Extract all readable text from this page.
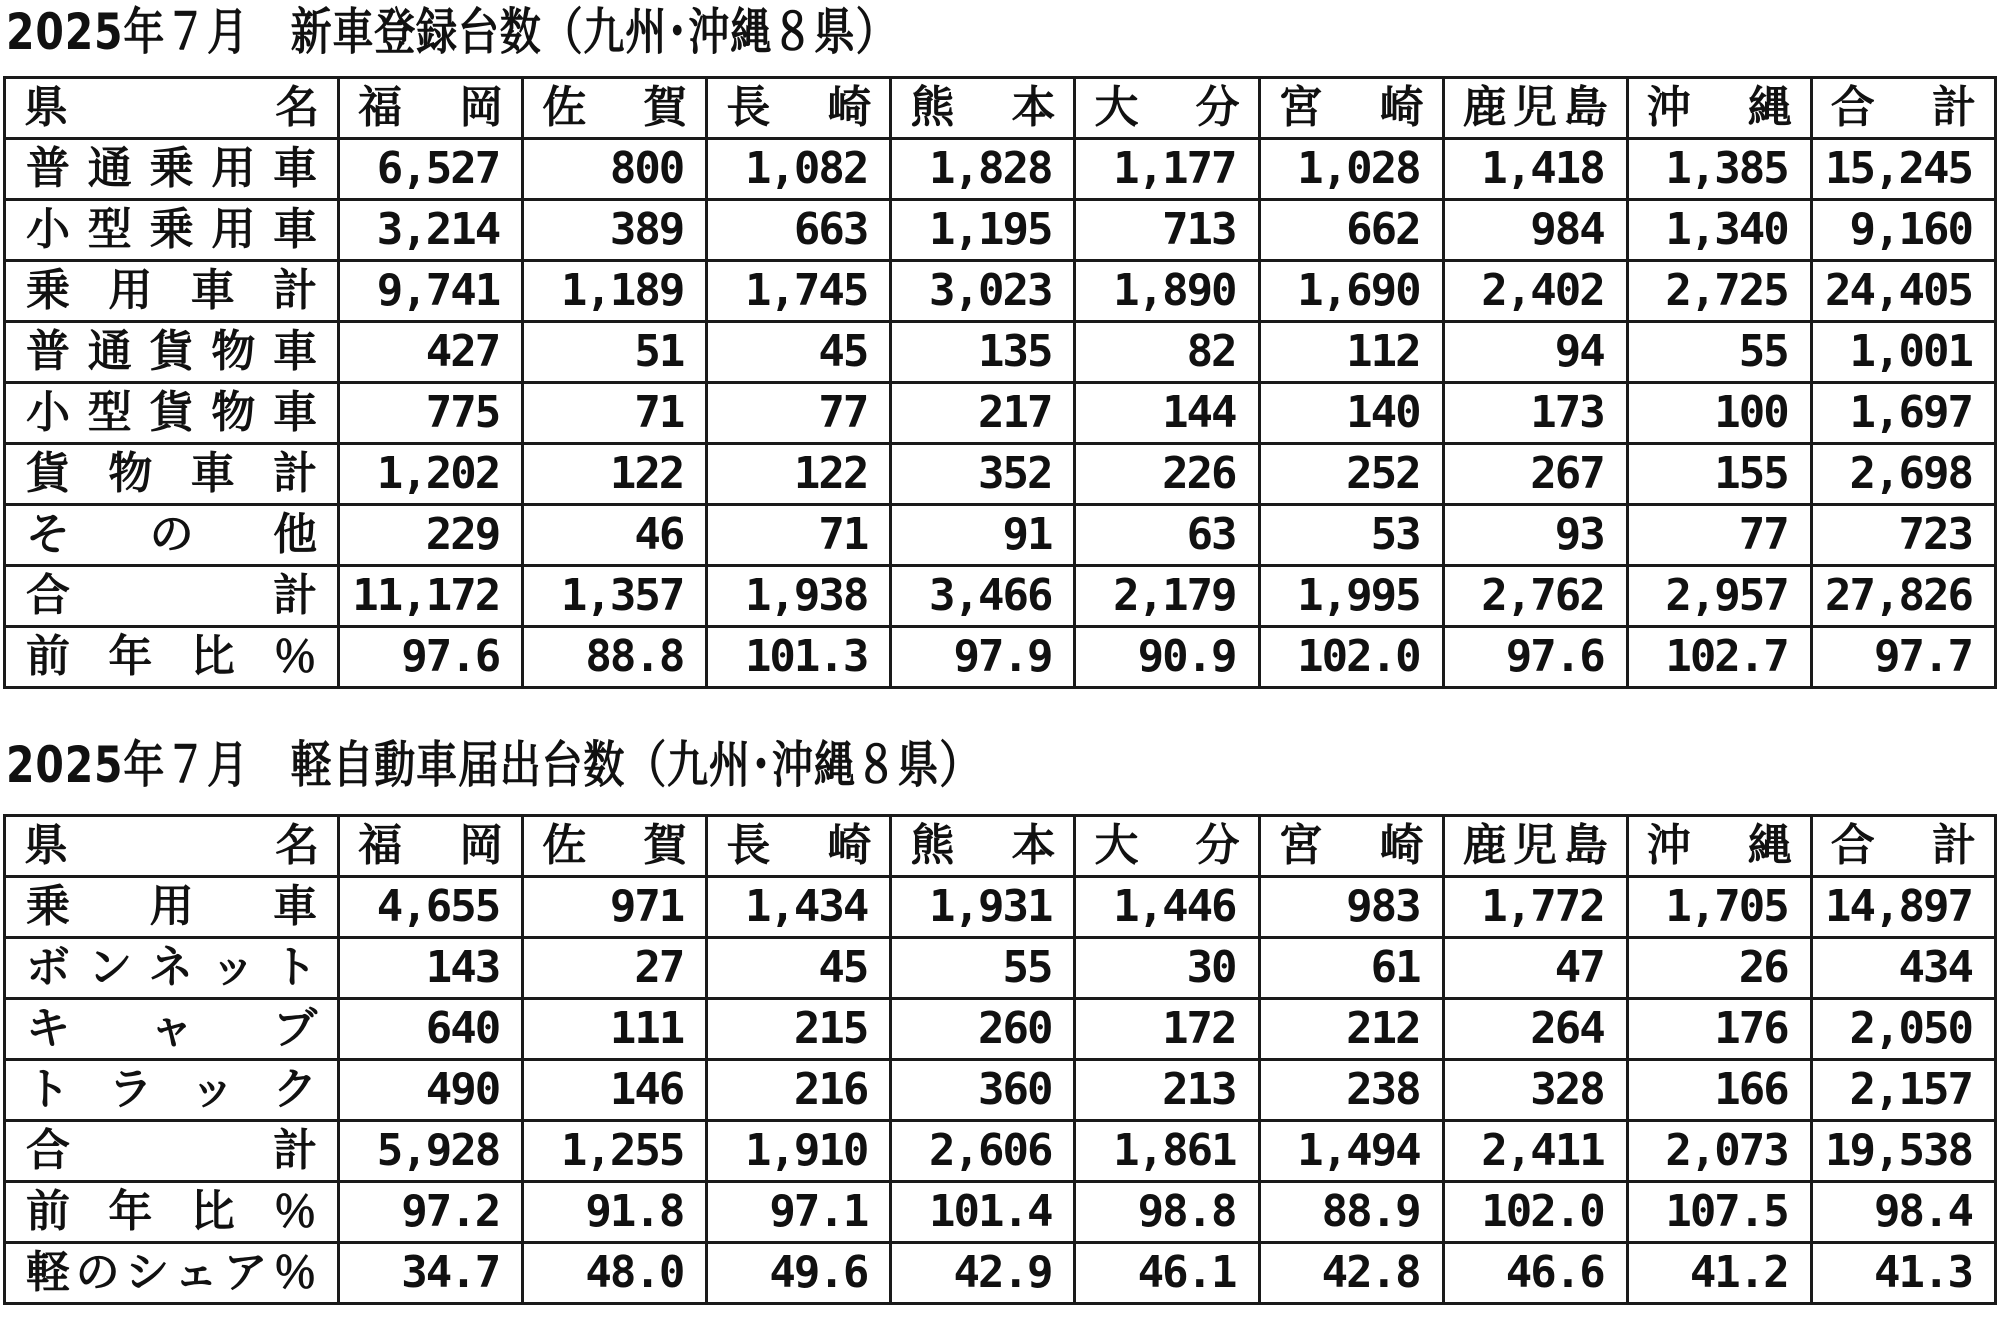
2025年７月　新車登録台数（九州･沖縄８県）
県　名	福　岡	佐　賀	長　崎	熊　本	大　分	宮　崎	鹿児島	沖　縄	合　計
普通乗用車	6,527	800	1,082	1,828	1,177	1,028	1,418	1,385	15,245
小型乗用車	3,214	389	663	1,195	713	662	984	1,340	9,160
乗用車計	9,741	1,189	1,745	3,023	1,890	1,690	2,402	2,725	24,405
普通貨物車	427	51	45	135	82	112	94	55	1,001
小型貨物車	775	71	77	217	144	140	173	100	1,697
貨物車計	1,202	122	122	352	226	252	267	155	2,698
その他	229	46	71	91	63	53	93	77	723
合　計	11,172	1,357	1,938	3,466	2,179	1,995	2,762	2,957	27,826
前年比％	97.6	88.8	101.3	97.9	90.9	102.0	97.6	102.7	97.7
2025年７月　軽自動車届出台数（九州･沖縄８県）
県　名	福　岡	佐　賀	長　崎	熊　本	大　分	宮　崎	鹿児島	沖　縄	合　計
乗用車	4,655	971	1,434	1,931	1,446	983	1,772	1,705	14,897
ボンネット	143	27	45	55	30	61	47	26	434
キャブ	640	111	215	260	172	212	264	176	2,050
トラック	490	146	216	360	213	238	328	166	2,157
合　計	5,928	1,255	1,910	2,606	1,861	1,494	2,411	2,073	19,538
前年比％	97.2	91.8	97.1	101.4	98.8	88.9	102.0	107.5	98.4
軽のシェア％	34.7	48.0	49.6	42.9	46.1	42.8	46.6	41.2	41.3
